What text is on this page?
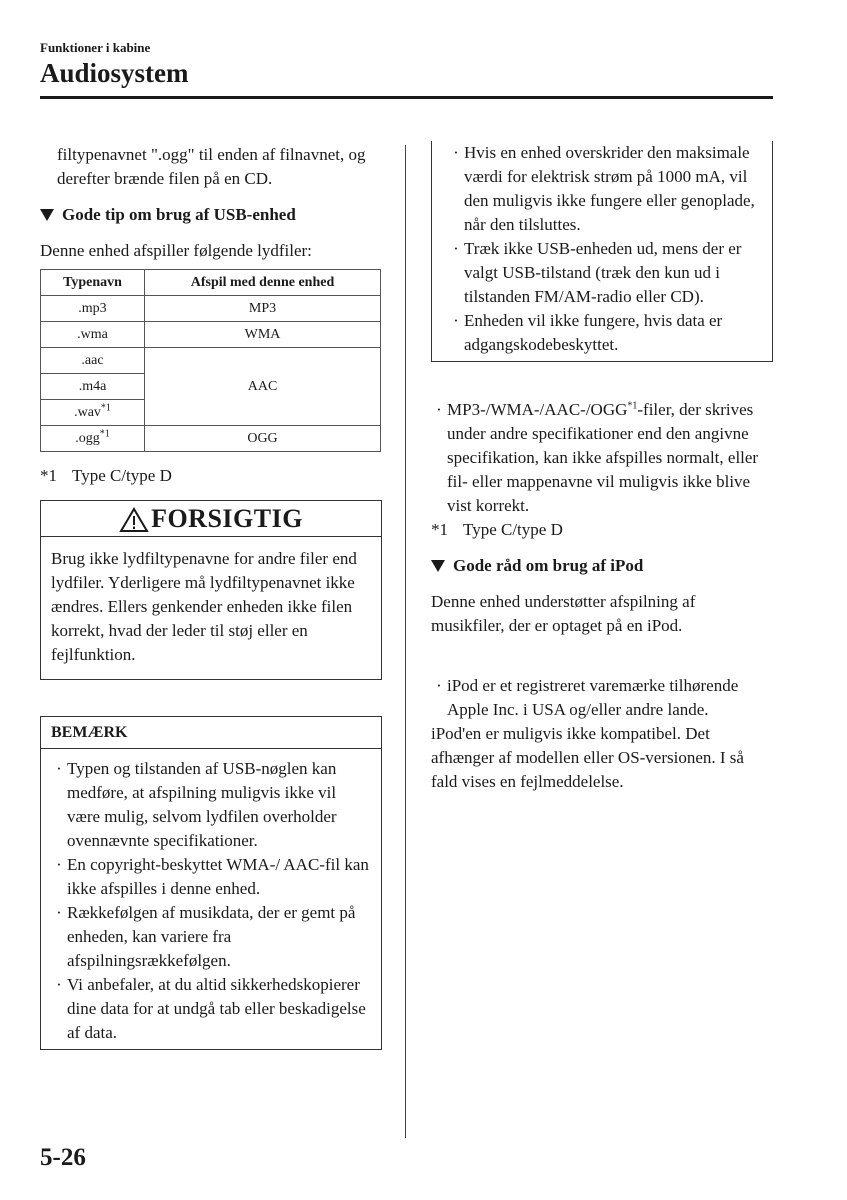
Funktioner i kabine
Audiosystem
filtypenavnet ".ogg" til enden af filnavnet, og derefter brænde filen på en CD.
Gode tip om brug af USB-enhed
Denne enhed afspiller følgende lydfiler:
Typenavn	Afspil med denne enhed
.mp3	MP3
.wma	WMA
.aac	AAC
.m4a	
.wav$^{*1}$
.ogg$^{*1}$	OGG
*1 Type C/type D
FORSIGTIG
Brug ikke lydfiltypenavne for andre filer end lydfiler. Yderligere må lydfiltypenavnet ikke ændres. Ellers genkender enheden ikke filen korrekt, hvad der leder til støj eller en fejlfunktion.
BEMÆRK
· Typen og tilstanden af USB-nøglen kan medføre, at afspilning muligvis ikke vil være mulig, selvom lydfilen overholder ovennævnte specifikationer.
· En copyright-beskyttet WMA-/ AAC-fil kan ikke afspilles i denne enhed.
· Rækkefølgen af musikdata, der er gemt på enheden, kan variere fra afspilningsrækkefølgen.
· Vi anbefaler, at du altid sikkerhedskopierer dine data for at undgå tab eller beskadigelse af data.
· Hvis en enhed overskrider den maksimale værdi for elektrisk strøm på 1000 mA, vil den muligvis ikke fungere eller genoplade, når den tilsluttes.
· Træk ikke USB-enheden ud, mens der er valgt USB-tilstand (træk den kun ud i tilstanden FM/AM-radio eller CD).
· Enheden vil ikke fungere, hvis data er adgangskodebeskyttet.
· $MP3-/WMA-/AAC-/OGG^{*1}$-filer, der skrives under andre specifikationer end den angivne specifikation, kan ikke afspilles normalt, eller fil- eller mappenavne vil muligvis ikke blive vist korrekt.
*1 Type C/type D
Gode råd om brug af iPod
Denne enhed understøtter afspilning af musikfiler, der er optaget på en iPod.
· iPod er et registreret varemærke tilhørende Apple Inc. i USA og/eller andre lande.
iPod'en er muligvis ikke kompatibel. Det afhænger af modellen eller OS-versionen. I så fald vises en fejlmeddelelse.
5-26
